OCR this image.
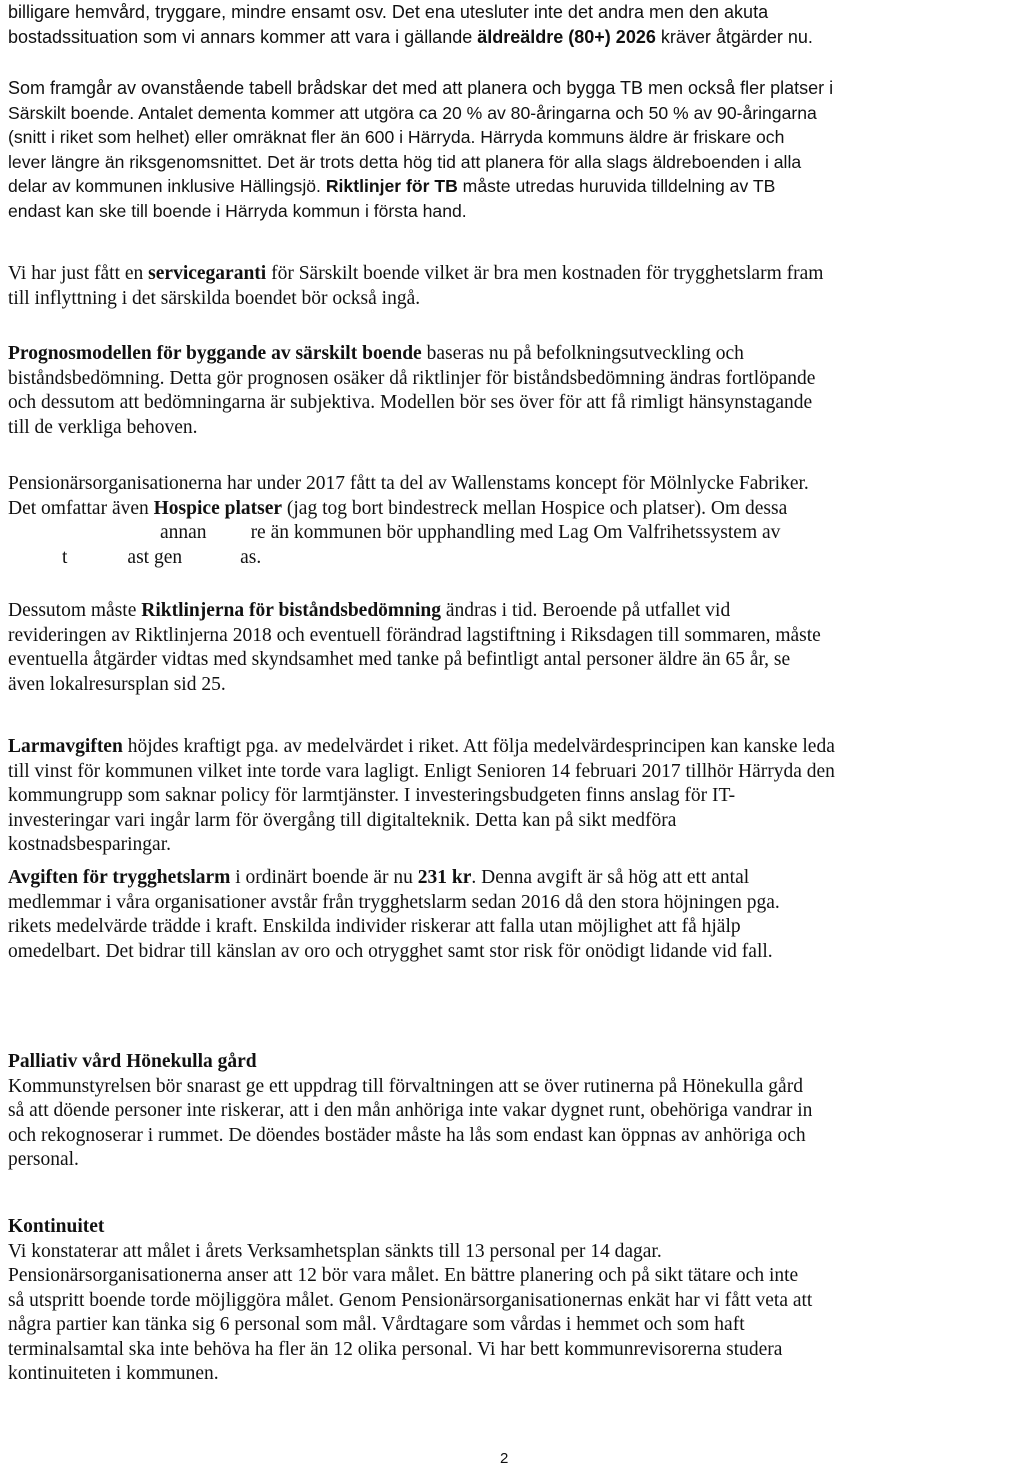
billigare hemvård, tryggare, mindre ensamt osv. Det ena utesluter inte det andra men den akuta
bostadssituation som vi annars kommer att vara i gällande äldreäldre (80+) 2026 kräver åtgärder nu.
Som framgår av ovanstående tabell brådskar det med att planera och bygga TB men också fler platser i
Särskilt boende. Antalet dementa kommer att utgöra ca 20 % av 80-åringarna och 50 % av 90-åringarna
(snitt i riket som helhet) eller omräknat fler än 600 i Härryda. Härryda kommuns äldre är friskare och
lever längre än riksgenomsnittet. Det är trots detta hög tid att planera för alla slags äldreboenden i alla
delar av kommunen inklusive Hällingsjö. Riktlinjer för TB måste utredas huruvida tilldelning av TB
endast kan ske till boende i Härryda kommun i första hand.
Vi har just fått en servicegaranti för Särskilt boende vilket är bra men kostnaden för trygghetslarm fram
till inflyttning i det särskilda boendet bör också ingå.
Prognosmodellen för byggande av särskilt boende baseras nu på befolkningsutveckling och
biståndsbedömning. Detta gör prognosen osäker då riktlinjer för biståndsbedömning ändras fortlöpande
och dessutom att bedömningarna är subjektiva. Modellen bör ses över för att få rimligt hänsynstagande
till de verkliga behoven.
Pensionärsorganisationerna har under 2017 fått ta del av Wallenstams koncept för Mölnlycke Fabriker.
Det omfattar även Hospice platser (jag tog bort bindestreck mellan Hospice och platser). Om dessa
annan re än kommunen bör upphandling med Lag Om Valfrihetssystem av
t	ast gen	as.
Dessutom måste Riktlinjerna för biståndsbedömning ändras i tid. Beroende på utfallet vid
revideringen av Riktlinjerna 2018 och eventuell förändrad lagstiftning i Riksdagen till sommaren, måste
eventuella åtgärder vidtas med skyndsamhet med tanke på befintligt antal personer äldre än 65 år, se
även lokalresursplan sid 25.
Larmavgiften höjdes kraftigt pga. av medelvärdet i riket. Att följa medelvärdesprincipen kan kanske leda
till vinst för kommunen vilket inte torde vara lagligt. Enligt Senioren 14 februari 2017 tillhör Härryda den
kommungrupp som saknar policy för larmtjänster. I investeringsbudgeten finns anslag för IT-
investeringar vari ingår larm för övergång till digitalteknik. Detta kan på sikt medföra
kostnadsbesparingar.
Avgiften för trygghetslarm i ordinärt boende är nu 231 kr. Denna avgift är så hög att ett antal
medlemmar i våra organisationer avstår från trygghetslarm sedan 2016 då den stora höjningen pga.
rikets medelvärde trädde i kraft. Enskilda individer riskerar att falla utan möjlighet att få hjälp
omedelbart. Det bidrar till känslan av oro och otrygghet samt stor risk för onödigt lidande vid fall.
Palliativ vård Hönekulla gård
Kommunstyrelsen bör snarast ge ett uppdrag till förvaltningen att se över rutinerna på Hönekulla gård
så att döende personer inte riskerar, att i den mån anhöriga inte vakar dygnet runt, obehöriga vandrar in
och rekognoserar i rummet. De döendes bostäder måste ha lås som endast kan öppnas av anhöriga och
personal.
Kontinuitet
Vi konstaterar att målet i årets Verksamhetsplan sänkts till 13 personal per 14 dagar.
Pensionärsorganisationerna anser att 12 bör vara målet. En bättre planering och på sikt tätare och inte
så utspritt boende torde möjliggöra målet. Genom Pensionärsorganisationernas enkät har vi fått veta att
några partier kan tänka sig 6 personal som mål. Vårdtagare som vårdas i hemmet och som haft
terminalsamtal ska inte behöva ha fler än 12 olika personal. Vi har bett kommunrevisorerna studera
kontinuiteten i kommunen.
2
